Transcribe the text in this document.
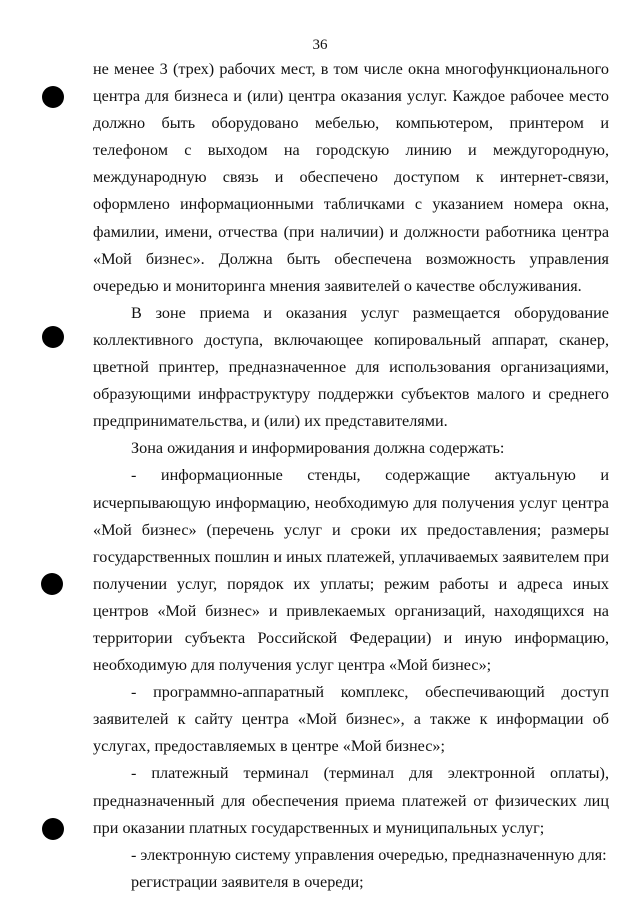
36

не менее 3 (трех) рабочих мест, в том числе окна многофункционального центра для бизнеса и (или) центра оказания услуг. Каждое рабочее место должно быть оборудовано мебелью, компьютером, принтером и телефоном с выходом на городскую линию и междугородную, международную связь и обеспечено доступом к интернет-связи, оформлено информационными табличками с указанием номера окна, фамилии, имени, отчества (при наличии) и должности работника центра «Мой бизнес». Должна быть обеспечена возможность управления очередью и мониторинга мнения заявителей о качестве обслуживания.

В зоне приема и оказания услуг размещается оборудование коллективного доступа, включающее копировальный аппарат, сканер, цветной принтер, предназначенное для использования организациями, образующими инфраструктуру поддержки субъектов малого и среднего предпринимательства, и (или) их представителями.

Зона ожидания и информирования должна содержать:

- информационные стенды, содержащие актуальную и исчерпывающую информацию, необходимую для получения услуг центра «Мой бизнес» (перечень услуг и сроки их предоставления; размеры государственных пошлин и иных платежей, уплачиваемых заявителем при получении услуг, порядок их уплаты; режим работы и адреса иных центров «Мой бизнес» и привлекаемых организаций, находящихся на территории субъекта Российской Федерации) и иную информацию, необходимую для получения услуг центра «Мой бизнес»;

- программно-аппаратный комплекс, обеспечивающий доступ заявителей к сайту центра «Мой бизнес», а также к информации об услугах, предоставляемых в центре «Мой бизнес»;

- платежный терминал (терминал для электронной оплаты), предназначенный для обеспечения приема платежей от физических лиц при оказании платных государственных и муниципальных услуг;

- электронную систему управления очередью, предназначенную для:

регистрации заявителя в очереди;
